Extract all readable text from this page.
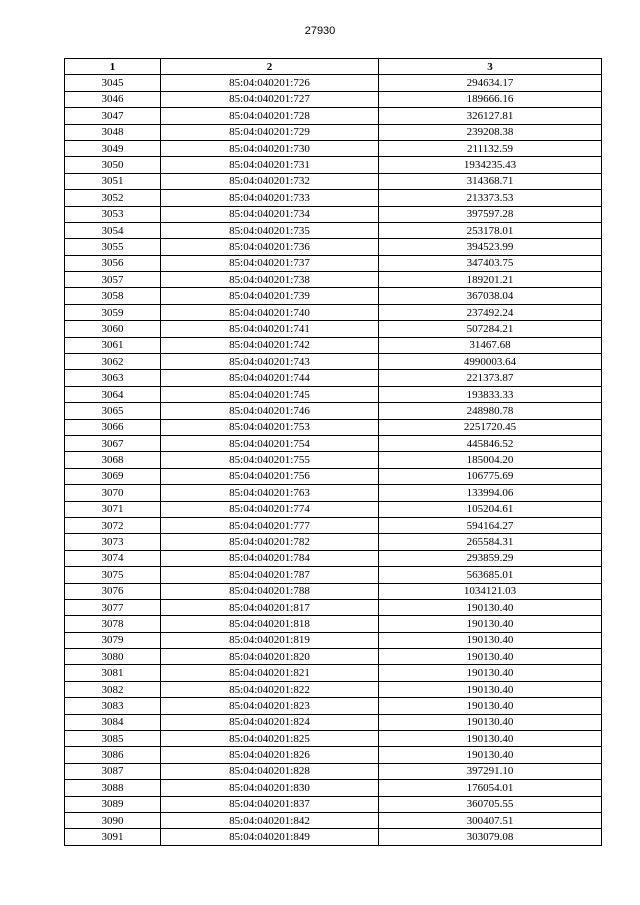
27930
1	2	3
3045	85:04:040201:726	294634.17
3046	85:04:040201:727	189666.16
3047	85:04:040201:728	326127.81
3048	85:04:040201:729	239208.38
3049	85:04:040201:730	211132.59
3050	85:04:040201:731	1934235.43
3051	85:04:040201:732	314368.71
3052	85:04:040201:733	213373.53
3053	85:04:040201:734	397597.28
3054	85:04:040201:735	253178.01
3055	85:04:040201:736	394523.99
3056	85:04:040201:737	347403.75
3057	85:04:040201:738	189201.21
3058	85:04:040201:739	367038.04
3059	85:04:040201:740	237492.24
3060	85:04:040201:741	507284.21
3061	85:04:040201:742	31467.68
3062	85:04:040201:743	4990003.64
3063	85:04:040201:744	221373.87
3064	85:04:040201:745	193833.33
3065	85:04:040201:746	248980.78
3066	85:04:040201:753	2251720.45
3067	85:04:040201:754	445846.52
3068	85:04:040201:755	185004.20
3069	85:04:040201:756	106775.69
3070	85:04:040201:763	133994.06
3071	85:04:040201:774	105204.61
3072	85:04:040201:777	594164.27
3073	85:04:040201:782	265584.31
3074	85:04:040201:784	293859.29
3075	85:04:040201:787	563685.01
3076	85:04:040201:788	1034121.03
3077	85:04:040201:817	190130.40
3078	85:04:040201:818	190130.40
3079	85:04:040201:819	190130.40
3080	85:04:040201:820	190130.40
3081	85:04:040201:821	190130.40
3082	85:04:040201:822	190130.40
3083	85:04:040201:823	190130.40
3084	85:04:040201:824	190130.40
3085	85:04:040201:825	190130.40
3086	85:04:040201:826	190130.40
3087	85:04:040201:828	397291.10
3088	85:04:040201:830	176054.01
3089	85:04:040201:837	360705.55
3090	85:04:040201:842	300407.51
3091	85:04:040201:849	303079.08
